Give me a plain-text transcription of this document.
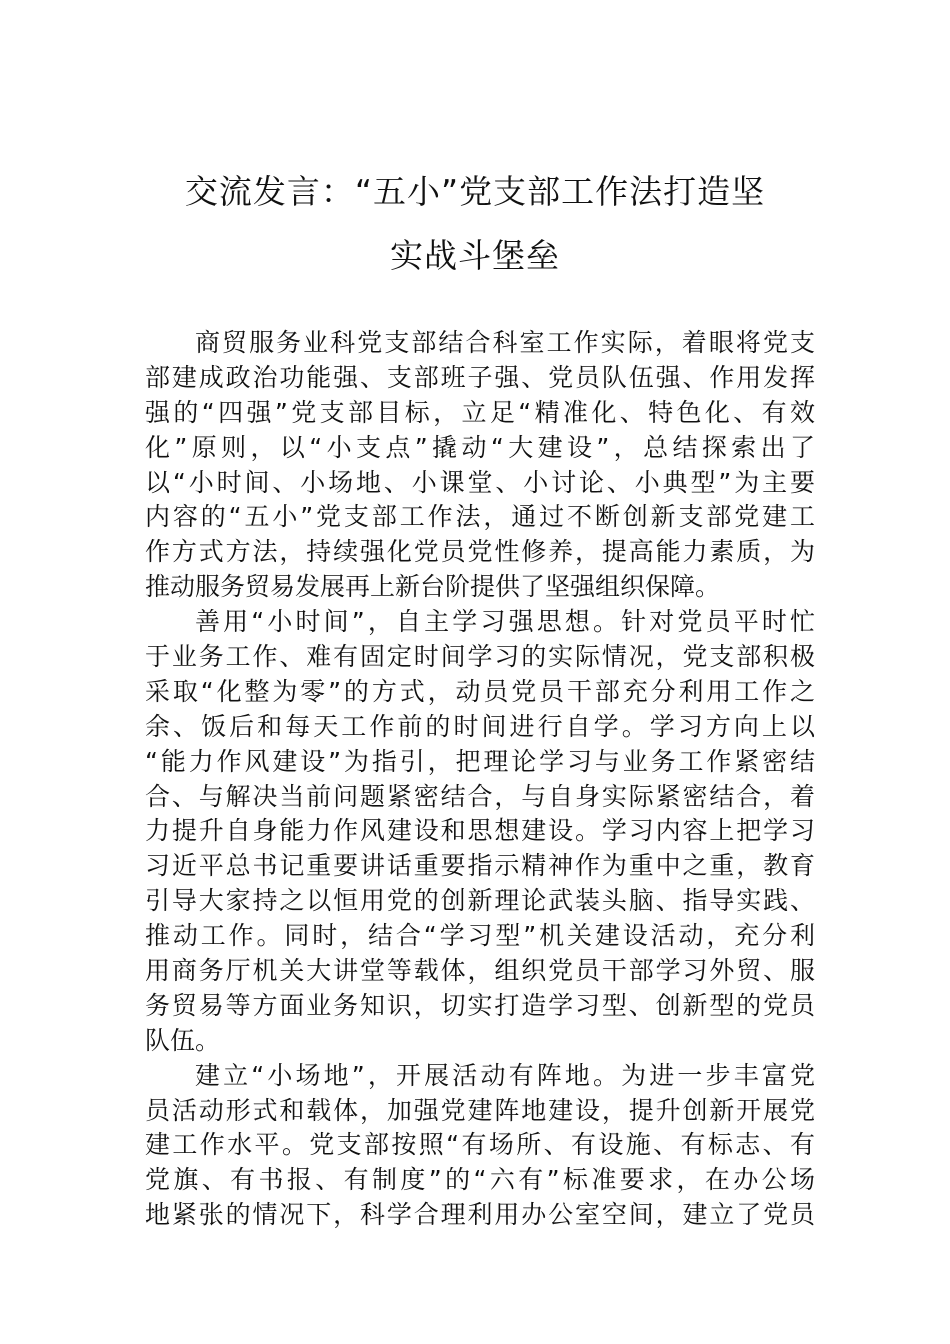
交流发言：“五小”党支部工作法打造坚
实战斗堡垒
商贸服务业科党支部结合科室工作实际，着眼将党支
部建成政治功能强、支部班子强、党员队伍强、作用发挥
强的“四强”党支部目标，立足“精准化、特色化、有效
化”原则，以“小支点”撬动“大建设”，总结探索出了
以“小时间、小场地、小课堂、小讨论、小典型”为主要
内容的“五小”党支部工作法，通过不断创新支部党建工
作方式方法，持续强化党员党性修养，提高能力素质，为
推动服务贸易发展再上新台阶提供了坚强组织保障。
善用“小时间”，自主学习强思想。针对党员平时忙
于业务工作、难有固定时间学习的实际情况，党支部积极
采取“化整为零”的方式，动员党员干部充分利用工作之
余、饭后和每天工作前的时间进行自学。学习方向上以
“能力作风建设”为指引，把理论学习与业务工作紧密结
合、与解决当前问题紧密结合，与自身实际紧密结合，着
力提升自身能力作风建设和思想建设。学习内容上把学习
习近平总书记重要讲话重要指示精神作为重中之重，教育
引导大家持之以恒用党的创新理论武装头脑、指导实践、
推动工作。同时，结合“学习型”机关建设活动，充分利
用商务厅机关大讲堂等载体，组织党员干部学习外贸、服
务贸易等方面业务知识，切实打造学习型、创新型的党员
队伍。
建立“小场地”，开展活动有阵地。为进一步丰富党
员活动形式和载体，加强党建阵地建设，提升创新开展党
建工作水平。党支部按照“有场所、有设施、有标志、有
党旗、有书报、有制度”的“六有”标准要求，在办公场
地紧张的情况下，科学合理利用办公室空间，建立了党员
